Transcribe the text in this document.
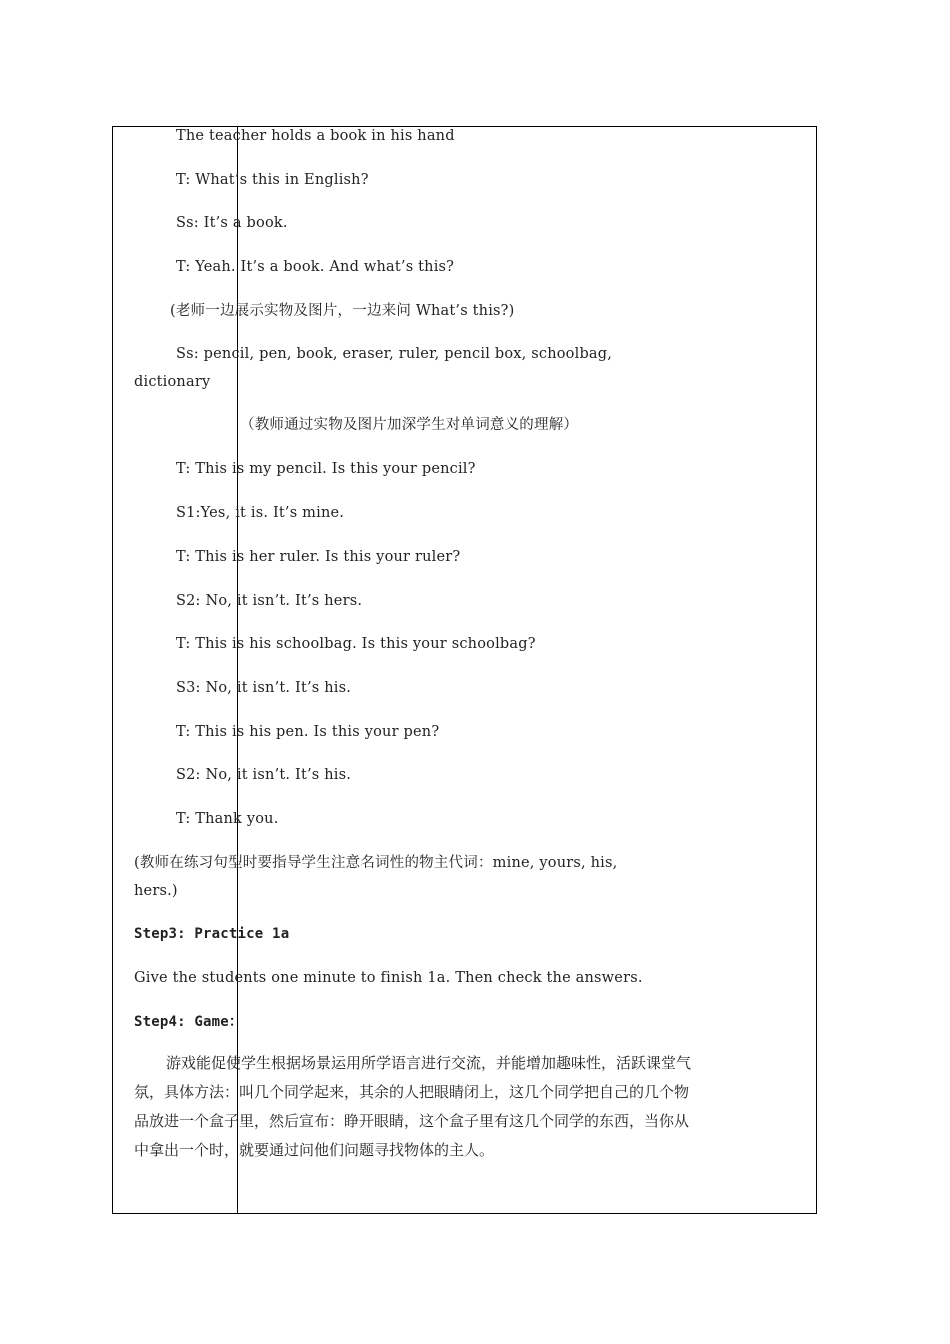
The teacher holds a book in his hand
T: What’s this in English?
Ss: It’s a book.
T: Yeah. It’s a book. And what’s this?
(老师一边展示实物及图片，一边来问 What’s this?)
Ss: pencil, pen, book, eraser, ruler, pencil box, schoolbag,
dictionary
（教师通过实物及图片加深学生对单词意义的理解）
T: This is my pencil. Is this your pencil?
S1:Yes, it is. It’s mine.
T: This is her ruler. Is this your ruler?
S2: No, it isn’t. It’s hers.
T: This is his schoolbag. Is this your schoolbag?
S3: No, it isn’t. It’s his.
T: This is his pen. Is this your pen?
S2: No, it isn’t. It’s his.
T: Thank you.
(教师在练习句型时要指导学生注意名词性的物主代词：mine, yours, his,
hers.)
Step3: Practice 1a
Give the students one minute to finish 1a. Then check the answers.
Step4: Game：
游戏能促使学生根据场景运用所学语言进行交流，并能增加趣味性，活跃课堂气氛，具体方法：叫几个同学起来，其余的人把眼睛闭上，这几个同学把自己的几个物品放进一个盒子里，然后宣布：睁开眼睛，这个盒子里有这几个同学的东西，当你从中拿出一个时，就要通过问他们问题寻找物体的主人。
